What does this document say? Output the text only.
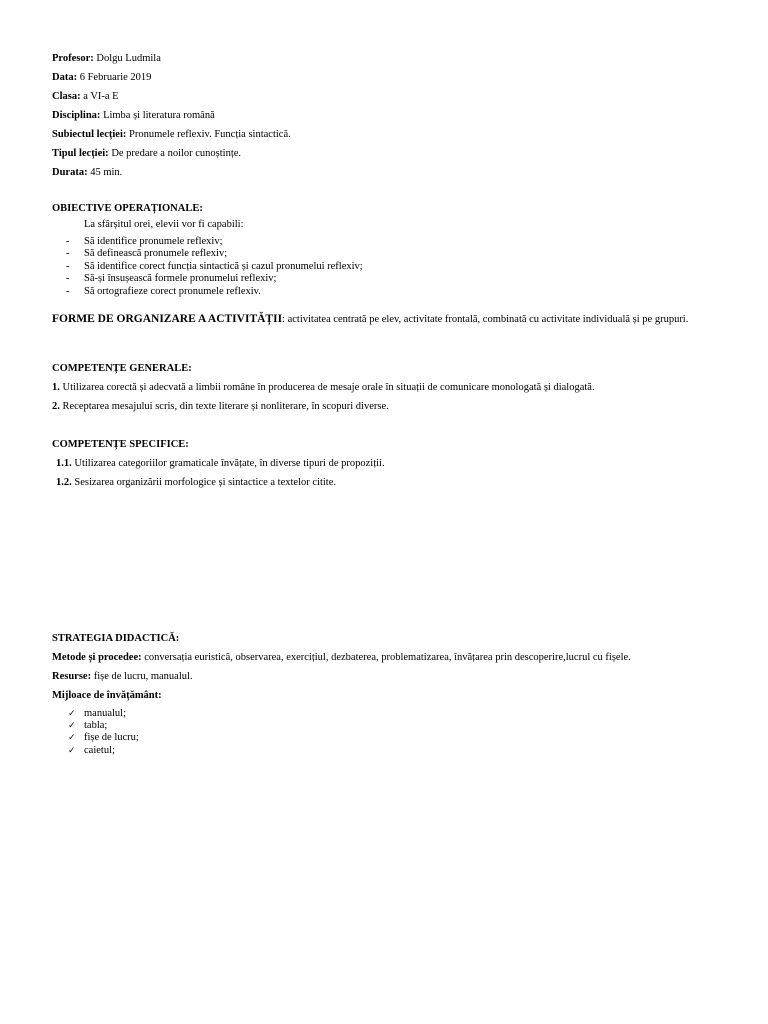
Profesor: Dolgu Ludmila
Data: 6 Februarie 2019
Clasa: a VI-a E
Disciplina: Limba și literatura română
Subiectul lecției: Pronumele reflexiv. Funcția sintactică.
Tipul lecției: De predare a noilor cunoștințe.
Durata: 45 min.
OBIECTIVE OPERAȚIONALE:
La sfârșitul orei, elevii vor fi capabili:
- Să identifice pronumele reflexiv;
- Să definească pronumele reflexiv;
- Să identifice corect funcția sintactică și cazul pronumelui reflexiv;
- Să-și însușească formele pronumelui reflexiv;
- Să ortografieze corect pronumele reflexiv.
FORME DE ORGANIZARE A ACTIVITĂȚII: activitatea centrată pe elev, activitate frontală, combinată cu activitate individuală și pe grupuri.
COMPETENȚE GENERALE:
1. Utilizarea corectă și adecvată a limbii române în producerea de mesaje orale în situații de comunicare monologată și dialogată.
2. Receptarea mesajului scris, din texte literare și nonliterare, în scopuri diverse.
COMPETENȚE SPECIFICE:
1.1. Utilizarea categoriilor gramaticale învățate, în diverse tipuri de propoziții.
1.2. Sesizarea organizării morfologice și sintactice a textelor citite.
STRATEGIA DIDACTICĂ:
Metode și procedee: conversația euristică, observarea, exercițiul, dezbaterea, problematizarea, învățarea prin descoperire,lucrul cu fișele.
Resurse: fișe de lucru, manualul.
Mijloace de învățământ:
✓ manualul;
✓ tabla;
✓ fișe de lucru;
✓ caietul;
